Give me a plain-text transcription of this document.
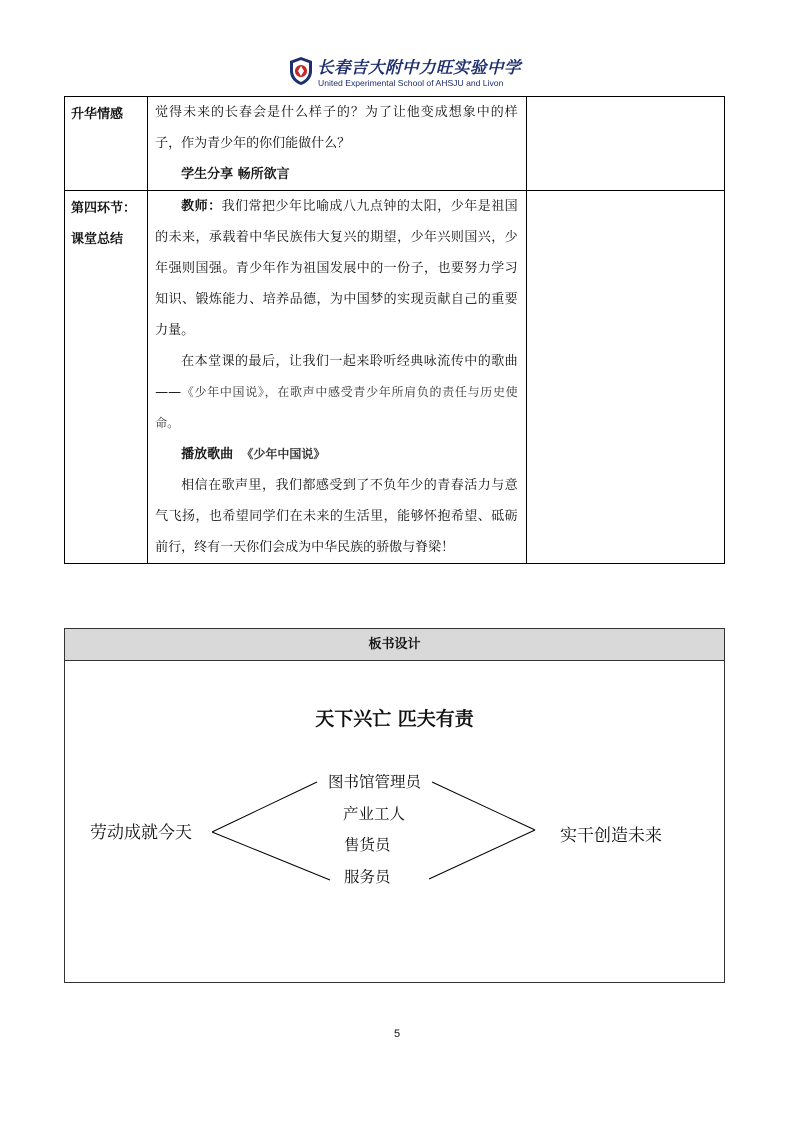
长春吉大附中力旺实验中学
United Experimental School of AHSJU and Livon
升华情感	觉得未来的长春会是什么样子的？为了让他变成想象中的样子，作为青少年的你们能做什么？

学生分享 畅所欲言	

第四环节：课堂总结	教师：我们常把少年比喻成八九点钟的太阳，少年是祖国的未来，承载着中华民族伟大复兴的期望，少年兴则国兴，少年强则国强。青少年作为祖国发展中的一份子，也要努力学习知识、锻炼能力、培养品德，为中国梦的实现贡献自己的重要力量。

在本堂课的最后，让我们一起来聆听经典咏流传中的歌曲——《少年中国说》，在歌声中感受青少年所肩负的责任与历史使命。

播放歌曲 《少年中国说》

相信在歌声里，我们都感受到了不负年少的青春活力与意气飞扬，也希望同学们在未来的生活里，能够怀抱希望、砥砺前行，终有一天你们会成为中华民族的骄傲与脊梁！	

板书设计
天下兴亡 匹夫有责
劳动成就今天	实干创造未来
图书馆管理员
产业工人
售货员
服务员
5
